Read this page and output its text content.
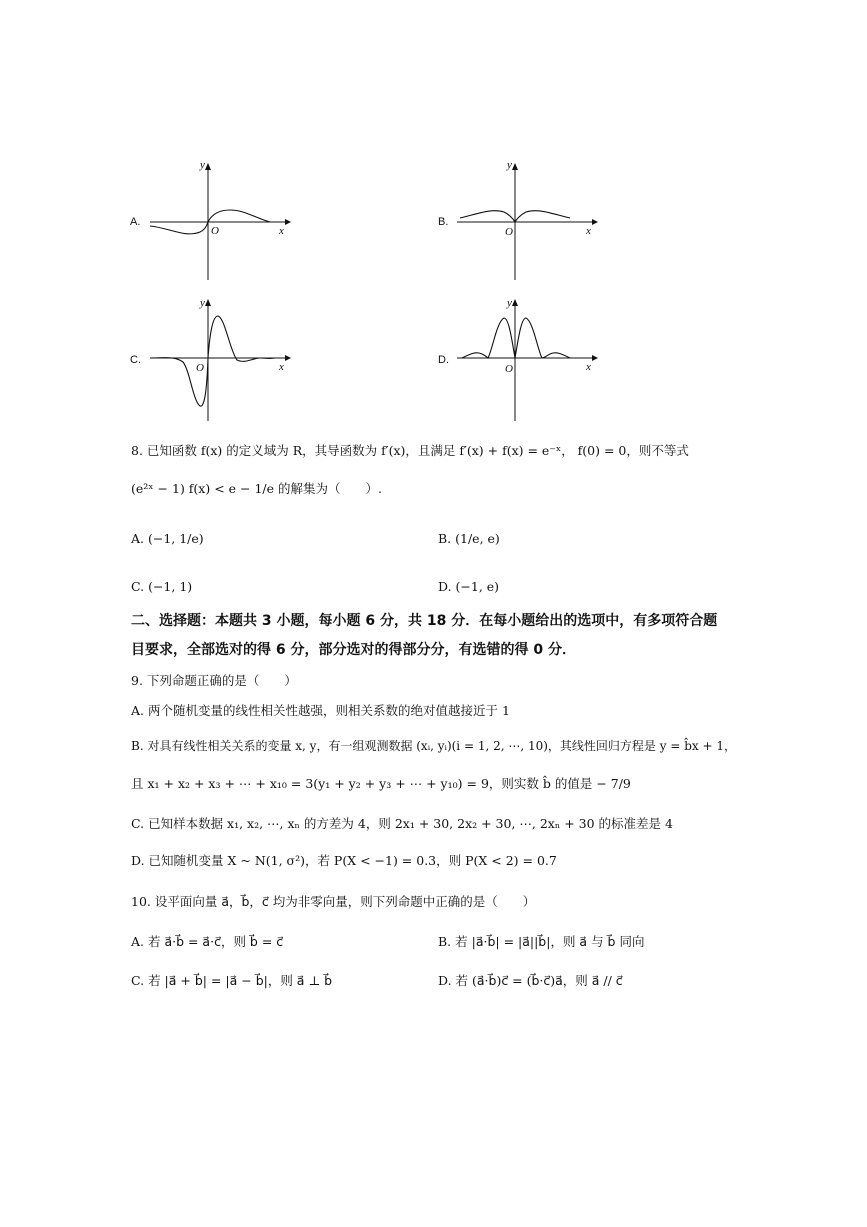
A.
y
x
O
B.
y
x
O
C.
y
x
O
D.
y
x
O
8. 已知函数 f(x) 的定义域为 R，其导函数为 f′(x)，且满足 f′(x) + f(x) = e⁻ˣ， f(0) = 0，则不等式
(e²ˣ − 1) f(x) < e − 1/e 的解集为（　　）.
A. (−1, 1/e)	B. (1/e, e)
C. (−1, 1)	D. (−1, e)
二、选择题：本题共 3 小题，每小题 6 分，共 18 分．在每小题给出的选项中，有多项符合题
目要求，全部选对的得 6 分，部分选对的得部分分，有选错的得 0 分．
9. 下列命题正确的是（　　）
A. 两个随机变量的线性相关性越强，则相关系数的绝对值越接近于 1
B. 对具有线性相关关系的变量 x, y，有一组观测数据 (xᵢ, yᵢ)(i = 1, 2, ⋯, 10)，其线性回归方程是 y = b̂x + 1，
且 x₁ + x₂ + x₃ + ⋯ + x₁₀ = 3(y₁ + y₂ + y₃ + ⋯ + y₁₀) = 9，则实数 b̂ 的值是 − 7/9
C. 已知样本数据 x₁, x₂, ⋯, xₙ 的方差为 4，则 2x₁ + 30, 2x₂ + 30, ⋯, 2xₙ + 30 的标准差是 4
D. 已知随机变量 X ~ N(1, σ²)，若 P(X < −1) = 0.3，则 P(X < 2) = 0.7
10. 设平面向量 a⃗，b⃗，c⃗ 均为非零向量，则下列命题中正确的是（　　）
A. 若 a⃗·b⃗ = a⃗·c⃗，则 b⃗ = c⃗	B. 若 |a⃗·b⃗| = |a⃗||b⃗|，则 a⃗ 与 b⃗ 同向
C. 若 |a⃗ + b⃗| = |a⃗ − b⃗|，则 a⃗ ⊥ b⃗	D. 若 (a⃗·b⃗)c⃗ = (b⃗·c⃗)a⃗，则 a⃗ // c⃗
